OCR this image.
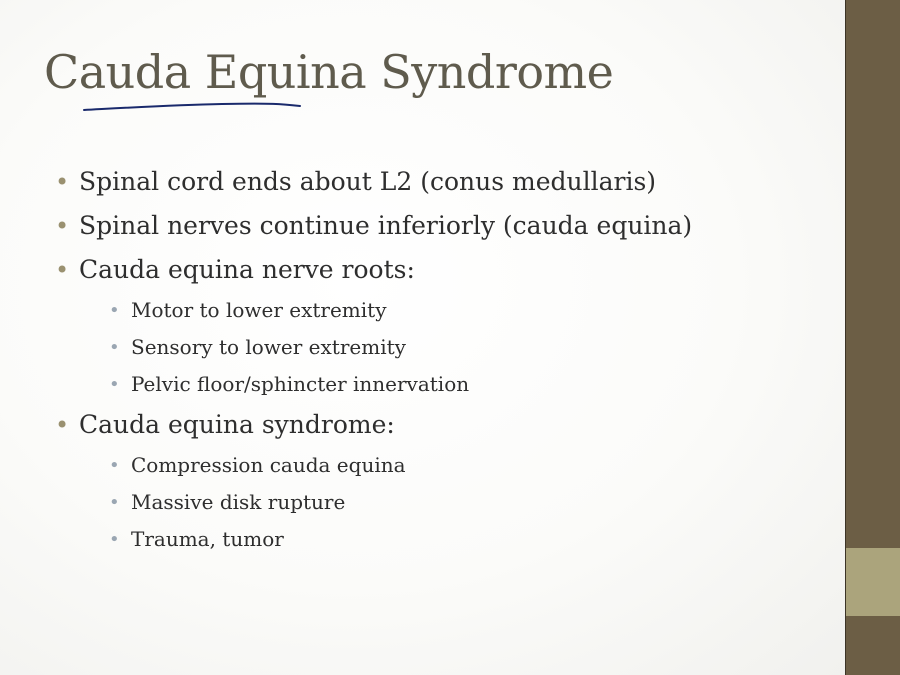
Cauda Equina Syndrome
• Spinal cord ends about L2 (conus medullaris)
• Spinal nerves continue inferiorly (cauda equina)
• Cauda equina nerve roots:
• Motor to lower extremity
• Sensory to lower extremity
• Pelvic floor/sphincter innervation
• Cauda equina syndrome:
• Compression cauda equina
• Massive disk rupture
• Trauma, tumor
